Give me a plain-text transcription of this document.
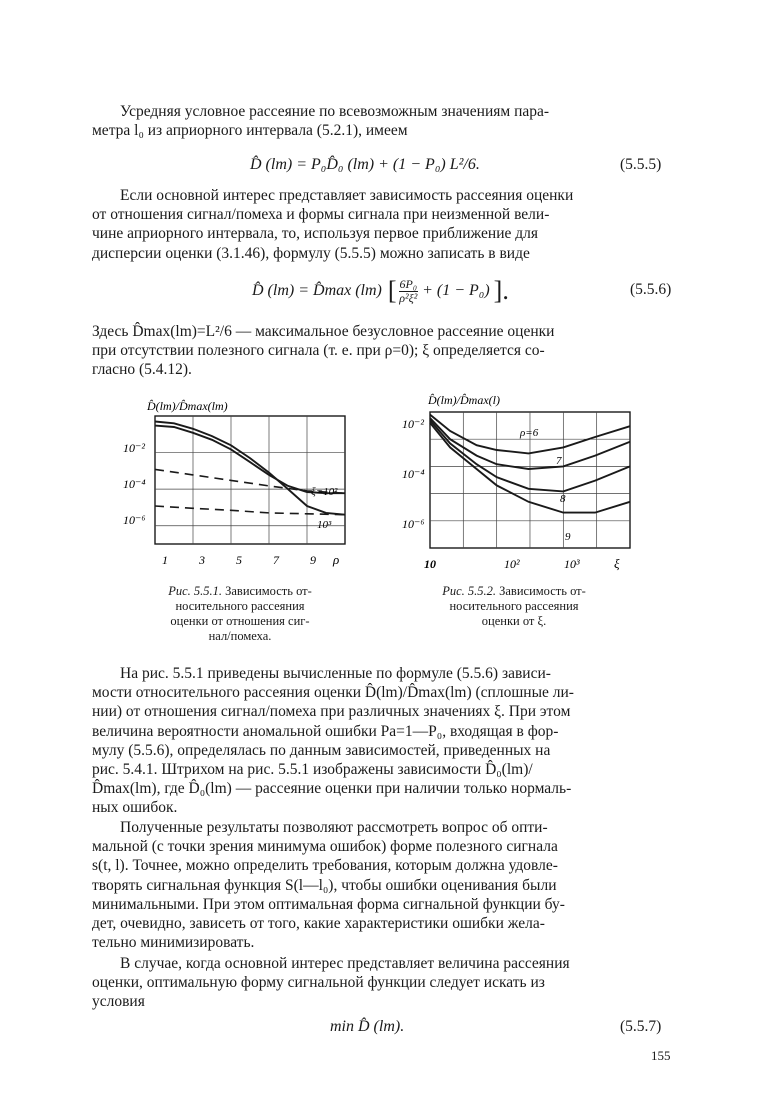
Усредняя условное рассеяние по всевозможным значениям пара-
метра l₀ из априорного интервала (5.2.1), имеем
D̂ (lm) = P₀D̂₀ (lm) + (1 − P₀) L²/6.	(5.5.5)
Если основной интерес представляет зависимость рассеяния оценки
от отношения сигнал/помеха и формы сигнала при неизменной вели-
чине априорного интервала, то, используя первое приближение для
дисперсии оценки (3.1.46), формулу (5.5.5) можно записать в виде
D̂ (lm) = D̂max (lm) [ $\frac{\text{6P₀}}{\text{ρ²ξ²}} + (1 - P_0)$ ].	(5.5.6)
Здесь D̂max(lm)=L²/6 — максимальное безусловное рассеяние оценки
при отсутствии полезного сигнала (т. е. при ρ=0); ξ определяется со-
гласно (5.4.12).
D̂(lm)/D̂max(lm)
10⁻²
10⁻⁴
10⁻⁶
1	3	5	7	9 ρ
ξ=10²
10³
D̂(lm)/D̂max(l)
10⁻²
10⁻⁴
10⁻⁶
10	10²	10³	ξ
ρ=6
7
8
9
Рис. 5.5.1. Зависимость от-
носительного рассеяния
оценки от отношения сиг-
нал/помеха.
Рис. 5.5.2. Зависимость от-
носительного рассеяния
оценки от ξ.
На рис. 5.5.1 приведены вычисленные по формуле (5.5.6) зависи-
мости относительного рассеяния оценки D̂(lm)/D̂max(lm) (сплошные ли-
нии) от отношения сигнал/помеха при различных значениях ξ. При этом
величина вероятности аномальной ошибки Pa=1—P₀, входящая в фор-
мулу (5.5.6), определялась по данным зависимостей, приведенных на
рис. 5.4.1. Штрихом на рис. 5.5.1 изображены зависимости D̂₀(lm)/
D̂max(lm), где D̂₀(lm) — рассеяние оценки при наличии только нормаль-
ных ошибок.
Полученные результаты позволяют рассмотреть вопрос об опти-
мальной (с точки зрения минимума ошибок) форме полезного сигнала
s(t, l). Точнее, можно определить требования, которым должна удовле-
творять сигнальная функция S(l—l₀), чтобы ошибки оценивания были
минимальными. При этом оптимальная форма сигнальной функции бу-
дет, очевидно, зависеть от того, какие характеристики ошибки жела-
тельно минимизировать.
В случае, когда основной интерес представляет величина рассеяния
оценки, оптимальную форму сигнальной функции следует искать из
условия
min D̂ (lm).	(5.5.7)
155
